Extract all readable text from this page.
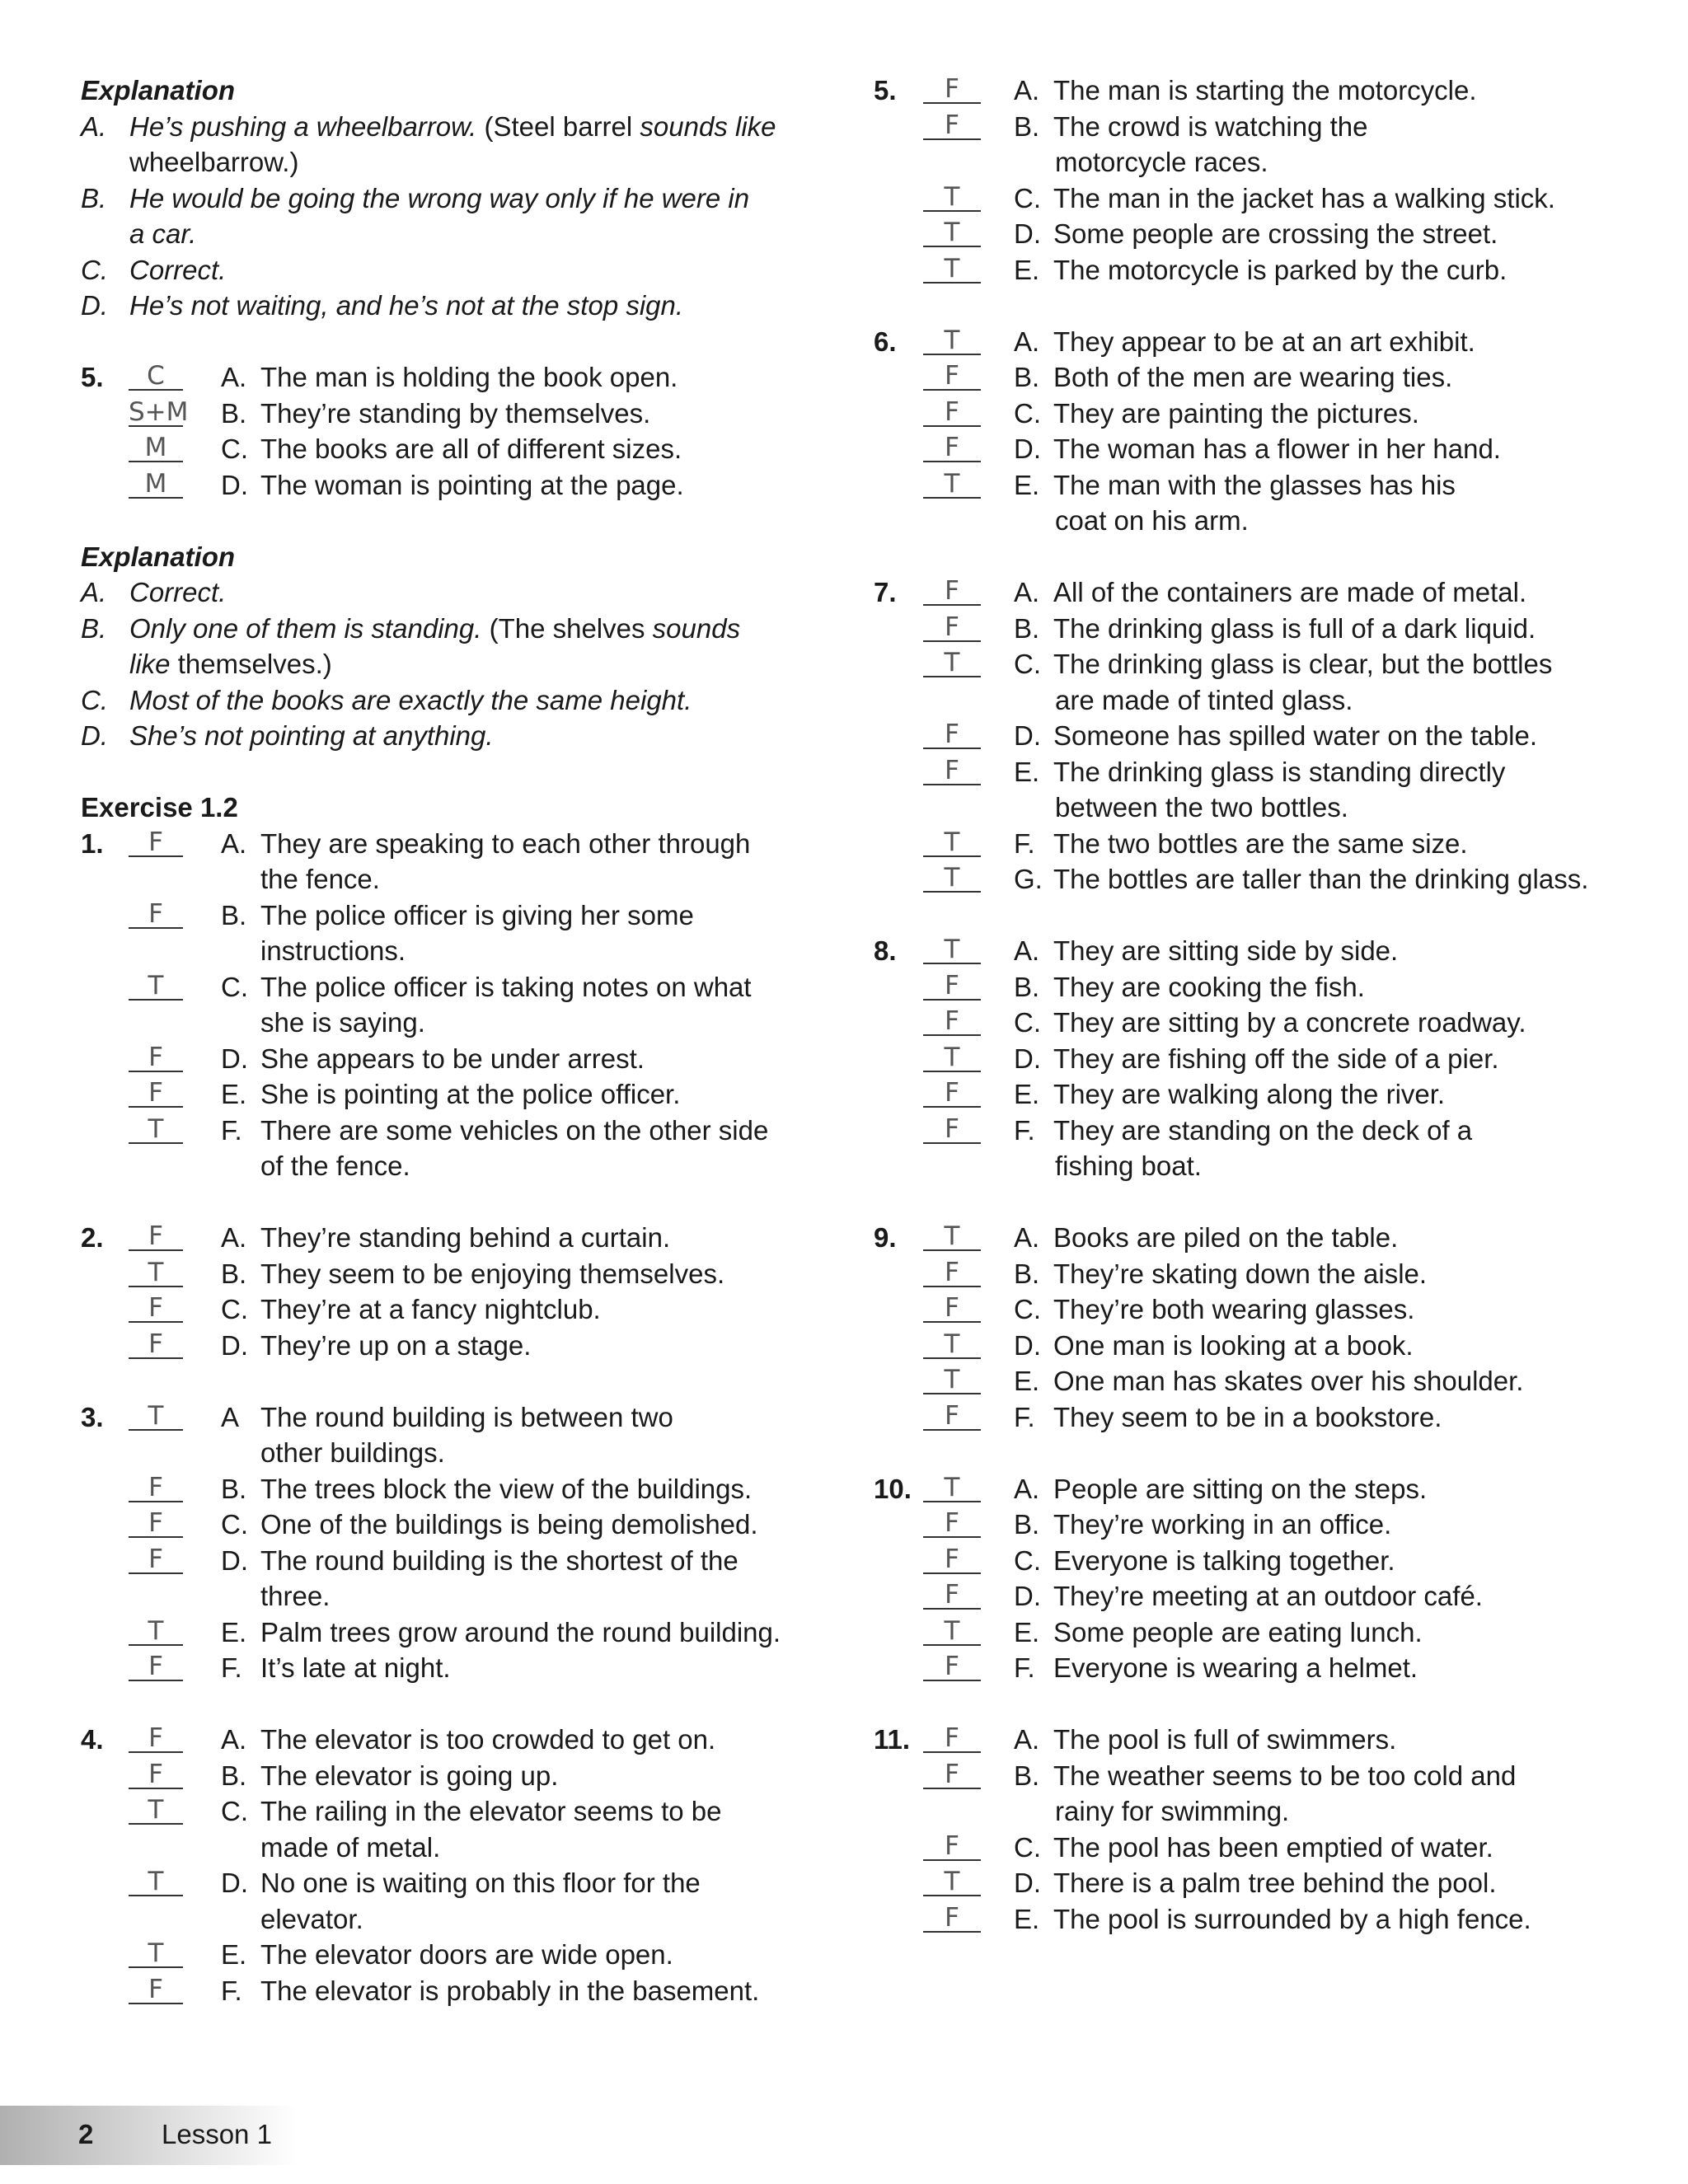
Explanation
A. He’s pushing a wheelbarrow. (Steel barrel sounds like
wheelbarrow.)
B. He would be going the wrong way only if he were in
a car.
C. Correct.
D. He’s not waiting, and he’s not at the stop sign.
5.	C	A. The man is holding the book open.
S+M B. They’re standing by themselves.
M	C. The books are all of different sizes.
M	D. The woman is pointing at the page.
Explanation
A. Correct.
B. Only one of them is standing. (The shelves sounds
like themselves.)
C. Most of the books are exactly the same height.
D. She’s not pointing at anything.
Exercise 1.2
1.	F	A. They are speaking to each other through
the fence.
F	B. The police officer is giving her some
instructions.
T	C. The police officer is taking notes on what
she is saying.
F	D. She appears to be under arrest.
F	E. She is pointing at the police officer.
T	F. There are some vehicles on the other side
of the fence.
2.	F	A. They’re standing behind a curtain.
T	B. They seem to be enjoying themselves.
F	C. They’re at a fancy nightclub.
F	D. They’re up on a stage.
3.	T	A The round building is between two
other buildings.
F	B. The trees block the view of the buildings.
F	C. One of the buildings is being demolished.
F	D. The round building is the shortest of the
three.
T	E. Palm trees grow around the round building.
F	F. It’s late at night.
4.	F	A. The elevator is too crowded to get on.
F	B. The elevator is going up.
T	C. The railing in the elevator seems to be
made of metal.
T	D. No one is waiting on this floor for the
elevator.
T	E. The elevator doors are wide open.
F	F. The elevator is probably in the basement.
5.	F	A. The man is starting the motorcycle.
F	B. The crowd is watching the
motorcycle races.
T	C. The man in the jacket has a walking stick.
T	D. Some people are crossing the street.
T	E. The motorcycle is parked by the curb.
6.	T	A. They appear to be at an art exhibit.
F	B. Both of the men are wearing ties.
F	C. They are painting the pictures.
F	D. The woman has a flower in her hand.
T	E. The man with the glasses has his
coat on his arm.
7.	F	A. All of the containers are made of metal.
F	B. The drinking glass is full of a dark liquid.
T	C. The drinking glass is clear, but the bottles
are made of tinted glass.
F	D. Someone has spilled water on the table.
F	E. The drinking glass is standing directly
between the two bottles.
T	F. The two bottles are the same size.
T	G. The bottles are taller than the drinking glass.
8.	T	A. They are sitting side by side.
F	B. They are cooking the fish.
F	C. They are sitting by a concrete roadway.
T	D. They are fishing off the side of a pier.
F	E. They are walking along the river.
F	F. They are standing on the deck of a
fishing boat.
9.	T	A. Books are piled on the table.
F	B. They’re skating down the aisle.
F	C. They’re both wearing glasses.
T	D. One man is looking at a book.
T	E. One man has skates over his shoulder.
F	F. They seem to be in a bookstore.
10.	T	A. People are sitting on the steps.
F	B. They’re working in an office.
F	C. Everyone is talking together.
F	D. They’re meeting at an outdoor café.
T	E. Some people are eating lunch.
F	F. Everyone is wearing a helmet.
11.	F	A. The pool is full of swimmers.
F	B. The weather seems to be too cold and
rainy for swimming.
F	C. The pool has been emptied of water.
T	D. There is a palm tree behind the pool.
F	E. The pool is surrounded by a high fence.
2	Lesson 1
